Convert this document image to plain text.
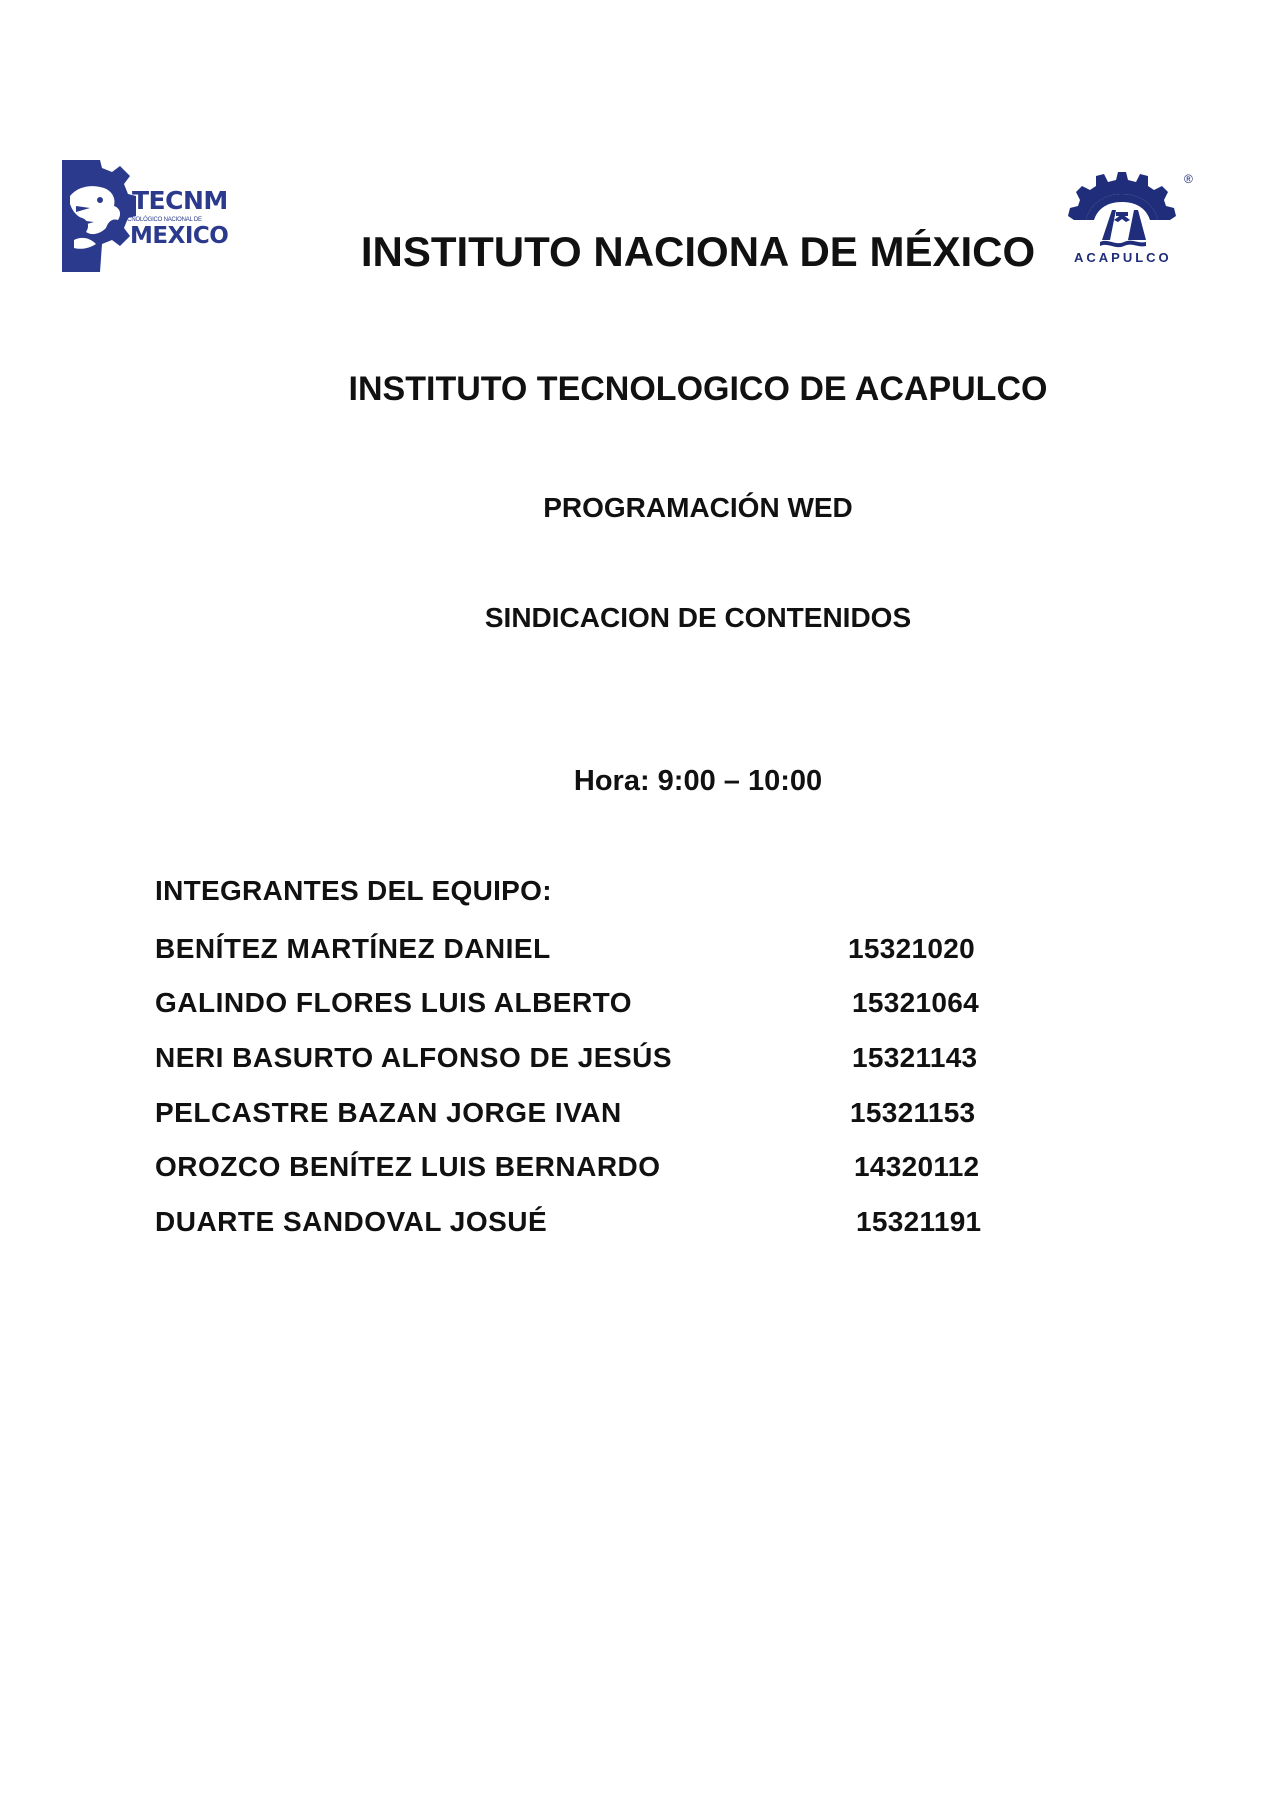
TECNM
TECNOLÓGICO NACIONAL DE
MEXICO
®
ACAPULCO
INSTITUTO NACIONA DE MÉXICO
INSTITUTO TECNOLOGICO DE ACAPULCO
PROGRAMACIÓN WED
SINDICACION DE CONTENIDOS
Hora: 9:00 – 10:00
INTEGRANTES DEL EQUIPO:
BENÍTEZ MARTÍNEZ DANIEL	15321020
GALINDO FLORES LUIS ALBERTO	15321064
NERI BASURTO ALFONSO DE JESÚS	15321143
PELCASTRE BAZAN JORGE IVAN	15321153
OROZCO BENÍTEZ LUIS BERNARDO	14320112
DUARTE SANDOVAL JOSUÉ	15321191
